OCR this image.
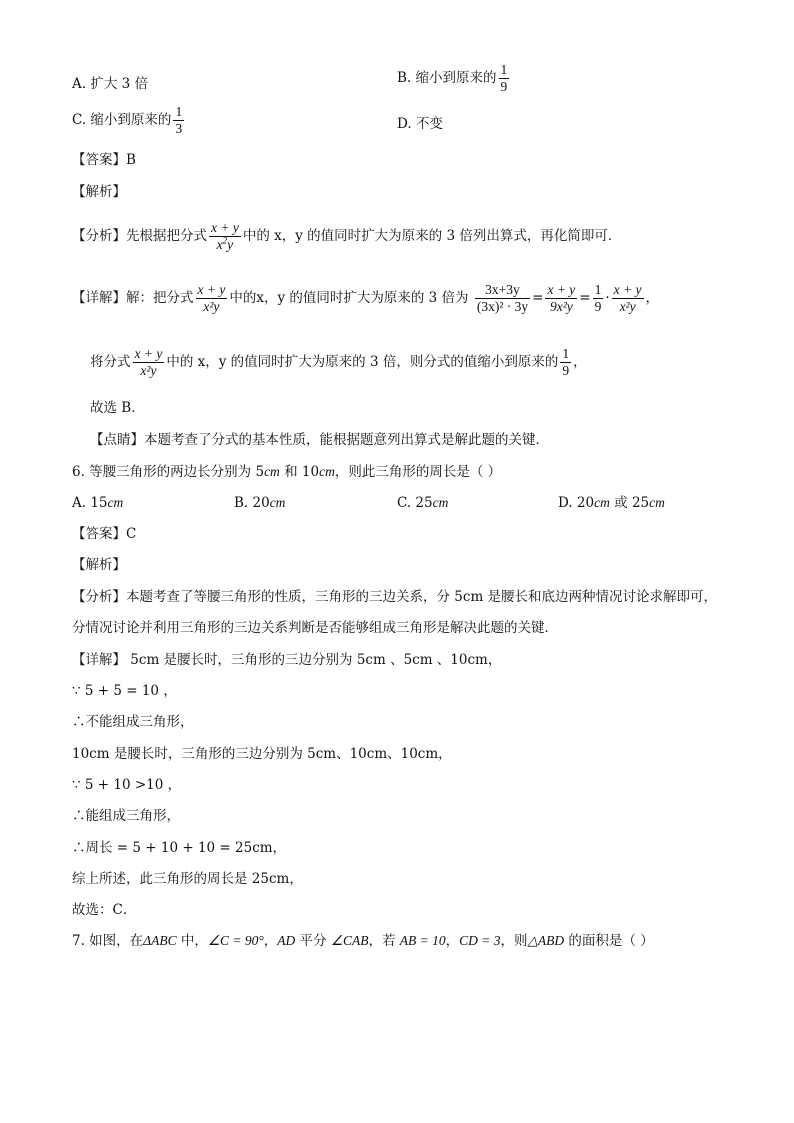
A. 扩大 3 倍	B. 缩小到原来的 $\frac{1}{9}$
C. 缩小到原来的 $\frac{1}{3}$	D. 不变
【答案】B
【解析】
【分析】先根据把分式 $\frac{x + y}{x^2y}$ 中的 x，y 的值同时扩大为原来的 3 倍列出算式，再化简即可．
【详解】解：把分式 $\frac{x + y}{\text{x²y}}$ 中的x，y 的值同时扩大为原来的 3 倍为 $\frac{3x+3y}{\text{(3x)² · 3y}} = \frac{x + y}{\text{9x²y}} = \frac{1}{9} \cdot \frac{x + y}{\text{x²y}}$ ，
将分式 $\frac{x + y}{\text{x²y}}$ 中的 x，y 的值同时扩大为原来的 3 倍，则分式的值缩小到原来的 $\frac{1}{9}$ ，
故选 B．
【点睛】本题考查了分式的基本性质，能根据题意列出算式是解此题的关键．
6. 等腰三角形的两边长分别为 5cm 和 10cm，则此三角形的周长是（ ）
A. 15cm	B. 20cm	C. 25cm	D. 20cm 或 25cm
【答案】C
【解析】
【分析】本题考查了等腰三角形的性质，三角形的三边关系，分 5cm 是腰长和底边两种情况讨论求解即可，
分情况讨论并利用三角形的三边关系判断是否能够组成三角形是解决此题的关键．
【详解】 5cm 是腰长时，三角形的三边分别为 5cm 、5cm 、10cm，
∵ 5 + 5 = 10 ，
∴不能组成三角形，
10cm 是腰长时，三角形的三边分别为 5cm、10cm、10cm，
∵ 5 + 10 >10 ，
∴能组成三角形，
∴周长 = 5 + 10 + 10 = 25cm，
综上所述，此三角形的周长是 25cm，
故选：C．
7. 如图，在ΔABC 中，∠C = 90°，AD 平分 ∠CAB，若 AB = 10，CD = 3，则△ABD 的面积是（ ）
